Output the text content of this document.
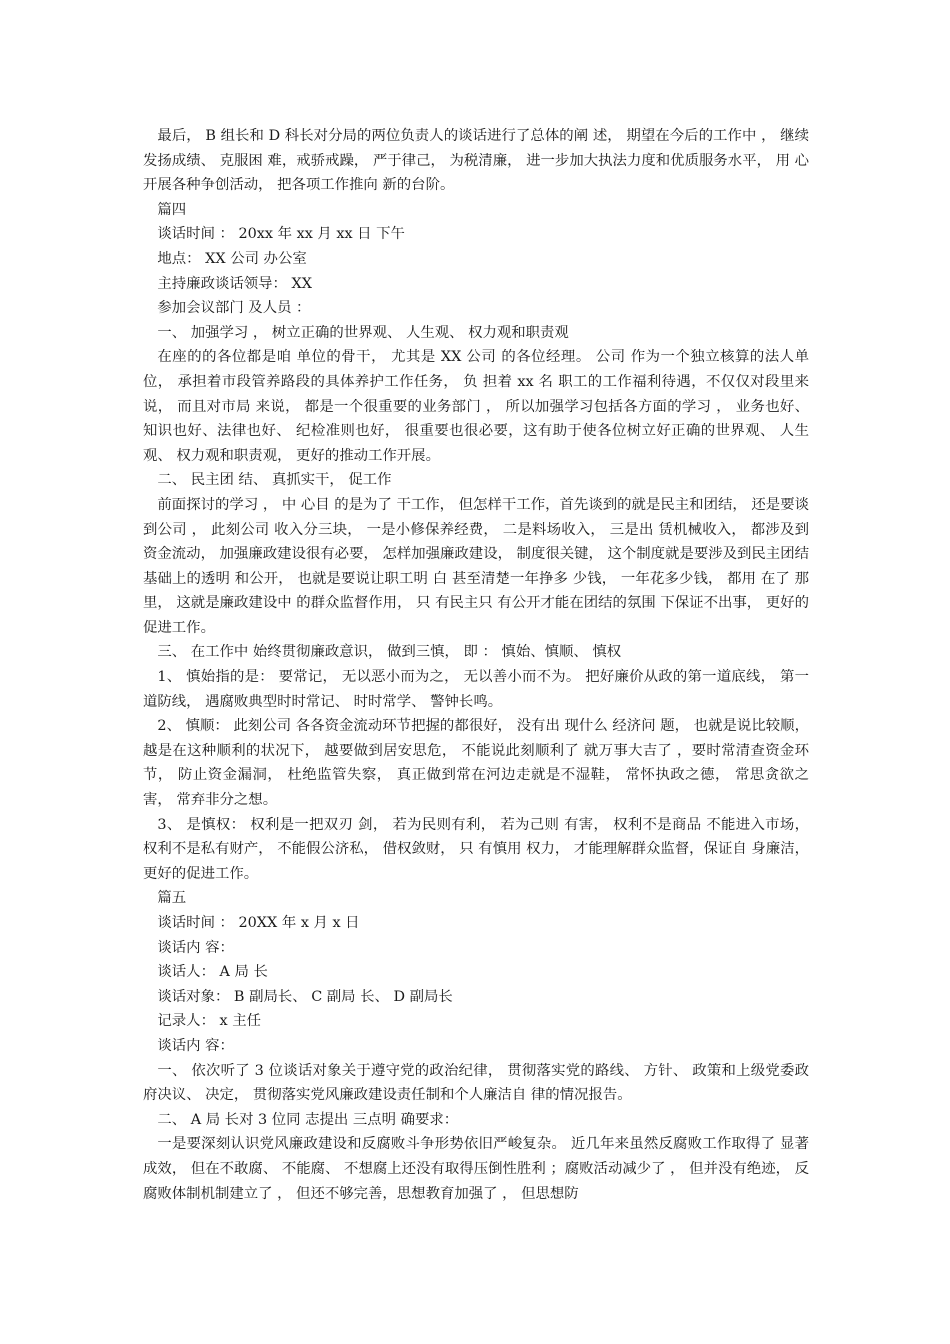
最后， B 组长和 D 科长对分局的两位负责人的谈话进行了总体的阐 述， 期望在今后的工作中 ， 继续发扬成绩、 克服困 难，戒骄戒躁， 严于律己， 为税清廉， 进一步加大执法力度和优质服务水平， 用 心开展各种争创活动， 把各项工作推向 新的台阶。

篇四

谈话时间 ： 20xx 年 xx 月 xx 日 下午

地点： XX 公司 办公室

主持廉政谈话领导： XX

参加会议部门 及人员 ：

一、 加强学习 ， 树立正确的世界观、 人生观、 权力观和职责观

在座的的各位都是咱 单位的骨干， 尤其是 XX 公司 的各位经理。 公司 作为一个独立核算的法人单位， 承担着市段管养路段的具体养护工作任务， 负 担着 xx 名 职工的工作福利待遇，不仅仅对段里来说， 而且对市局 来说， 都是一个很重要的业务部门 ， 所以加强学习包括各方面的学习 ， 业务也好、 知识也好、法律也好、 纪检准则也好， 很重要也很必要，这有助于使各位树立好正确的世界观、 人生观、 权力观和职责观， 更好的推动工作开展。

二、 民主团 结、 真抓实干， 促工作

前面探讨的学习 ， 中 心目 的是为了 干工作， 但怎样干工作，首先谈到的就是民主和团结， 还是要谈到公司 ， 此刻公司 收入分三块， 一是小修保养经费， 二是料场收入， 三是出 赁机械收入， 都涉及到资金流动， 加强廉政建设很有必要， 怎样加强廉政建设， 制度很关键， 这个制度就是要涉及到民主团结基础上的透明 和公开， 也就是要说让职工明 白 甚至清楚一年挣多 少钱， 一年花多少钱， 都用 在了 那里， 这就是廉政建设中 的群众监督作用， 只 有民主只 有公开才能在团结的氛围 下保证不出事， 更好的促进工作。

三、 在工作中 始终贯彻廉政意识， 做到三慎， 即 ： 慎始、慎顺、 慎权

1、 慎始指的是： 要常记， 无以恶小而为之， 无以善小而不为。 把好廉价从政的第一道底线， 第一道防线， 遇腐败典型时时常记、 时时常学、 警钟长鸣。

2、 慎顺： 此刻公司 各各资金流动环节把握的都很好， 没有出 现什么 经济问 题， 也就是说比较顺， 越是在这种顺利的状况下， 越要做到居安思危， 不能说此刻顺利了 就万事大吉了 ，要时常清查资金环节， 防止资金漏洞， 杜绝监管失察， 真正做到常在河边走就是不湿鞋， 常怀执政之德， 常思贪欲之害， 常弃非分之想。

3、 是慎权： 权利是一把双刃 剑， 若为民则有利， 若为己则 有害， 权利不是商品 不能进入市场， 权利不是私有财产， 不能假公济私， 借权敛财， 只 有慎用 权力， 才能理解群众监督，保证自 身廉洁， 更好的促进工作。

篇五

谈话时间 ： 20XX 年 x 月 x 日

谈话内 容：

谈话人： A 局 长

谈话对象： B 副局长、 C 副局 长、 D 副局长

记录人： x 主任

谈话内 容：

一、 依次听了 3 位谈话对象关于遵守党的政治纪律， 贯彻落实党的路线、 方针、 政策和上级党委政府决议、 决定， 贯彻落实党风廉政建设责任制和个人廉洁自 律的情况报告。

二、 A 局 长对 3 位同 志提出 三点明 确要求：

一是要深刻认识党风廉政建设和反腐败斗争形势依旧严峻复杂。 近几年来虽然反腐败工作取得了 显著成效， 但在不敢腐、 不能腐、 不想腐上还没有取得压倒性胜利 ；腐败活动减少了 ， 但并没有绝迹， 反腐败体制机制建立了 ， 但还不够完善，思想教育加强了 ， 但思想防
